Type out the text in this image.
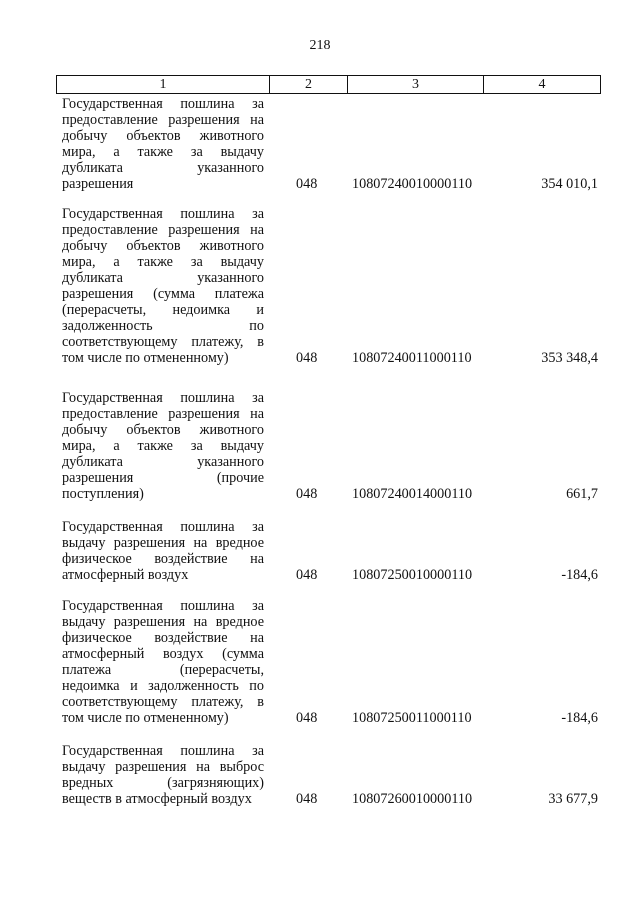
218
1	2	3	4
Государственная пошлина за
предоставление разрешения на
добычу объектов животного
мира, а также за выдачу
дубликата указанного
разрешения	048 10807240010000110	354 010,1
Государственная пошлина за
предоставление разрешения на
добычу объектов животного
мира, а также за выдачу
дубликата указанного
разрешения (сумма платежа
(перерасчеты, недоимка и
задолженность по
соответствующему платежу, в
том числе по отмененному)	048 10807240011000110	353 348,4
Государственная пошлина за
предоставление разрешения на
добычу объектов животного
мира, а также за выдачу
дубликата указанного
разрешения (прочие
поступления)	048 10807240014000110	661,7
Государственная пошлина за
выдачу разрешения на вредное
физическое воздействие на
атмосферный воздух	048 10807250010000110	-184,6
Государственная пошлина за
выдачу разрешения на вредное
физическое воздействие на
атмосферный воздух (сумма
платежа (перерасчеты,
недоимка и задолженность по
соответствующему платежу, в
том числе по отмененному)	048 10807250011000110	-184,6
Государственная пошлина за
выдачу разрешения на выброс
вредных (загрязняющих)
веществ в атмосферный воздух	048 10807260010000110	33 677,9
